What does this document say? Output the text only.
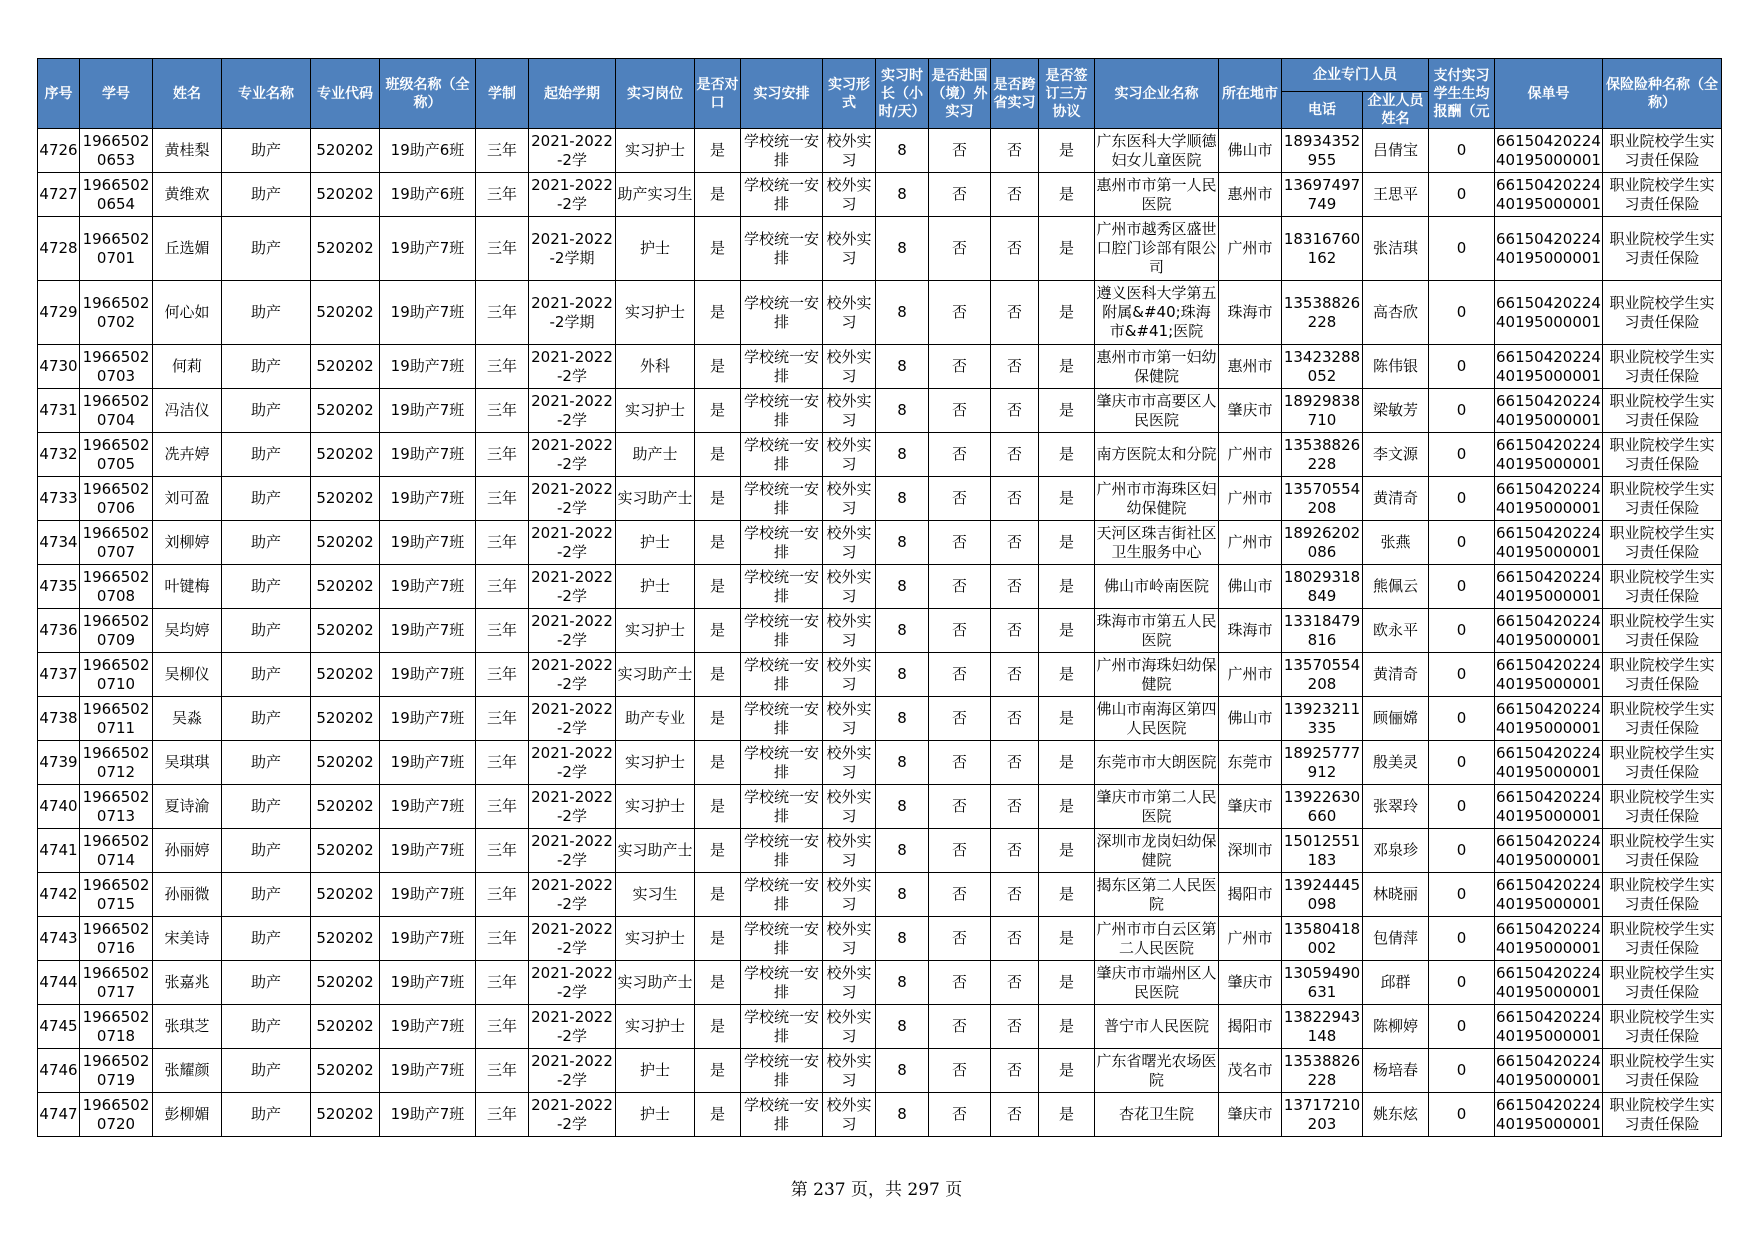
序号	学号	姓名	专业名称	专业代码	班级名称（全称）	学制	起始学期	实习岗位	是否对口	实习安排	实习形式	实习时长（小时/天）	是否赴国（境）外实习	是否跨省实习	是否签订三方协议	实习企业名称	所在地市	企业专门人员		支付实习学生生均报酬（元	保单号	保险险种名称（全称）
																		电话	企业人员姓名			

4726	19665020653	黄桂梨	助产	520202	19助产6班	三年	2021-2022-2学	实习护士	是	学校统一安排	校外实习	8	否	否	是	广东医科大学顺德妇女儿童医院	佛山市	18934352955	吕倩宝	0	6615042022440195000001	职业院校学生实习责任保险

4727	19665020654	黄维欢	助产	520202	19助产6班	三年	2021-2022-2学	助产实习生	是	学校统一安排	校外实习	8	否	否	是	惠州市市第一人民医院	惠州市	13697497749	王思平	0	6615042022440195000001	职业院校学生实习责任保险

4728	19665020701	丘选媚	助产	520202	19助产7班	三年	2021-2022-2学期	护士	是	学校统一安排	校外实习	8	否	否	是	广州市越秀区盛世口腔门诊部有限公司	广州市	18316760162	张洁琪	0	6615042022440195000001	职业院校学生实习责任保险

4729	19665020702	何心如	助产	520202	19助产7班	三年	2021-2022-2学期	实习护士	是	学校统一安排	校外实习	8	否	否	是	遵义医科大学第五附属&#40;珠海市&#41;医院	珠海市	13538826228	高杏欣	0	6615042022440195000001	职业院校学生实习责任保险

4730	19665020703	何莉	助产	520202	19助产7班	三年	2021-2022-2学	外科	是	学校统一安排	校外实习	8	否	否	是	惠州市市第一妇幼保健院	惠州市	13423288052	陈伟银	0	6615042022440195000001	职业院校学生实习责任保险

4731	19665020704	冯洁仪	助产	520202	19助产7班	三年	2021-2022-2学	实习护士	是	学校统一安排	校外实习	8	否	否	是	肇庆市市高要区人民医院	肇庆市	18929838710	梁敏芳	0	6615042022440195000001	职业院校学生实习责任保险

4732	19665020705	冼卉婷	助产	520202	19助产7班	三年	2021-2022-2学	助产士	是	学校统一安排	校外实习	8	否	否	是	南方医院太和分院	广州市	13538826228	李文源	0	6615042022440195000001	职业院校学生实习责任保险

4733	19665020706	刘可盈	助产	520202	19助产7班	三年	2021-2022-2学	实习助产士	是	学校统一安排	校外实习	8	否	否	是	广州市市海珠区妇幼保健院	广州市	13570554208	黄清奇	0	6615042022440195000001	职业院校学生实习责任保险

4734	19665020707	刘柳婷	助产	520202	19助产7班	三年	2021-2022-2学	护士	是	学校统一安排	校外实习	8	否	否	是	天河区珠吉街社区卫生服务中心	广州市	18926202086	张燕	0	6615042022440195000001	职业院校学生实习责任保险

4735	19665020708	叶键梅	助产	520202	19助产7班	三年	2021-2022-2学	护士	是	学校统一安排	校外实习	8	否	否	是	佛山市岭南医院	佛山市	18029318849	熊佩云	0	6615042022440195000001	职业院校学生实习责任保险

4736	19665020709	吴均婷	助产	520202	19助产7班	三年	2021-2022-2学	实习护士	是	学校统一安排	校外实习	8	否	否	是	珠海市市第五人民医院	珠海市	13318479816	欧永平	0	6615042022440195000001	职业院校学生实习责任保险

4737	19665020710	吴柳仪	助产	520202	19助产7班	三年	2021-2022-2学	实习助产士	是	学校统一安排	校外实习	8	否	否	是	广州市海珠妇幼保健院	广州市	13570554208	黄清奇	0	6615042022440195000001	职业院校学生实习责任保险

4738	19665020711	吴淼	助产	520202	19助产7班	三年	2021-2022-2学	助产专业	是	学校统一安排	校外实习	8	否	否	是	佛山市南海区第四人民医院	佛山市	13923211335	顾俪嫦	0	6615042022440195000001	职业院校学生实习责任保险

4739	19665020712	吴琪琪	助产	520202	19助产7班	三年	2021-2022-2学	实习护士	是	学校统一安排	校外实习	8	否	否	是	东莞市市大朗医院	东莞市	18925777912	殷美灵	0	6615042022440195000001	职业院校学生实习责任保险

4740	19665020713	夏诗渝	助产	520202	19助产7班	三年	2021-2022-2学	实习护士	是	学校统一安排	校外实习	8	否	否	是	肇庆市市第二人民医院	肇庆市	13922630660	张翠玲	0	6615042022440195000001	职业院校学生实习责任保险

4741	19665020714	孙丽婷	助产	520202	19助产7班	三年	2021-2022-2学	实习助产士	是	学校统一安排	校外实习	8	否	否	是	深圳市龙岗妇幼保健院	深圳市	15012551183	邓泉珍	0	6615042022440195000001	职业院校学生实习责任保险

4742	19665020715	孙丽微	助产	520202	19助产7班	三年	2021-2022-2学	实习生	是	学校统一安排	校外实习	8	否	否	是	揭东区第二人民医院	揭阳市	13924445098	林晓丽	0	6615042022440195000001	职业院校学生实习责任保险

4743	19665020716	宋美诗	助产	520202	19助产7班	三年	2021-2022-2学	实习护士	是	学校统一安排	校外实习	8	否	否	是	广州市市白云区第二人民医院	广州市	13580418002	包倩萍	0	6615042022440195000001	职业院校学生实习责任保险

4744	19665020717	张嘉兆	助产	520202	19助产7班	三年	2021-2022-2学	实习助产士	是	学校统一安排	校外实习	8	否	否	是	肇庆市市端州区人民医院	肇庆市	13059490631	邱群	0	6615042022440195000001	职业院校学生实习责任保险

4745	19665020718	张琪芝	助产	520202	19助产7班	三年	2021-2022-2学	实习护士	是	学校统一安排	校外实习	8	否	否	是	普宁市人民医院	揭阳市	13822943148	陈柳婷	0	6615042022440195000001	职业院校学生实习责任保险

4746	19665020719	张耀颜	助产	520202	19助产7班	三年	2021-2022-2学	护士	是	学校统一安排	校外实习	8	否	否	是	广东省曙光农场医院	茂名市	13538826228	杨培春	0	6615042022440195000001	职业院校学生实习责任保险

4747	19665020720	彭柳媚	助产	520202	19助产7班	三年	2021-2022-2学	护士	是	学校统一安排	校外实习	8	否	否	是	杏花卫生院	肇庆市	13717210203	姚东炫	0	6615042022440195000001	职业院校学生实习责任保险
第 237 页，共 297 页
